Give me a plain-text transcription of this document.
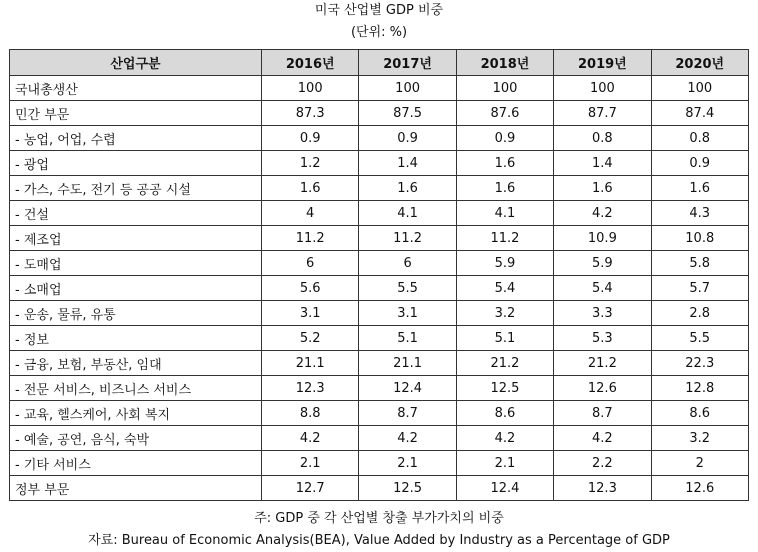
미국 산업별 GDP 비중
(단위: %)
산업구분	2016년	2017년	2018년	2019년	2020년
국내총생산	100	100	100	100	100
민간 부문	87.3	87.5	87.6	87.7	87.4
- 농업, 어업, 수렵	0.9	0.9	0.9	0.8	0.8
- 광업	1.2	1.4	1.6	1.4	0.9
- 가스, 수도, 전기 등 공공 시설	1.6	1.6	1.6	1.6	1.6
- 건설	4	4.1	4.1	4.2	4.3
- 제조업	11.2	11.2	11.2	10.9	10.8
- 도매업	6	6	5.9	5.9	5.8
- 소매업	5.6	5.5	5.4	5.4	5.7
- 운송, 물류, 유통	3.1	3.1	3.2	3.3	2.8
- 정보	5.2	5.1	5.1	5.3	5.5
- 금융, 보험, 부동산, 임대	21.1	21.1	21.2	21.2	22.3
- 전문 서비스, 비즈니스 서비스	12.3	12.4	12.5	12.6	12.8
- 교육, 헬스케어, 사회 복지	8.8	8.7	8.6	8.7	8.6
- 예술, 공연, 음식, 숙박	4.2	4.2	4.2	4.2	3.2
- 기타 서비스	2.1	2.1	2.1	2.2	2
정부 부문	12.7	12.5	12.4	12.3	12.6
주: GDP 중 각 산업별 창출 부가가치의 비중
자료: Bureau of Economic Analysis(BEA), Value Added by Industry as a Percentage of GDP
